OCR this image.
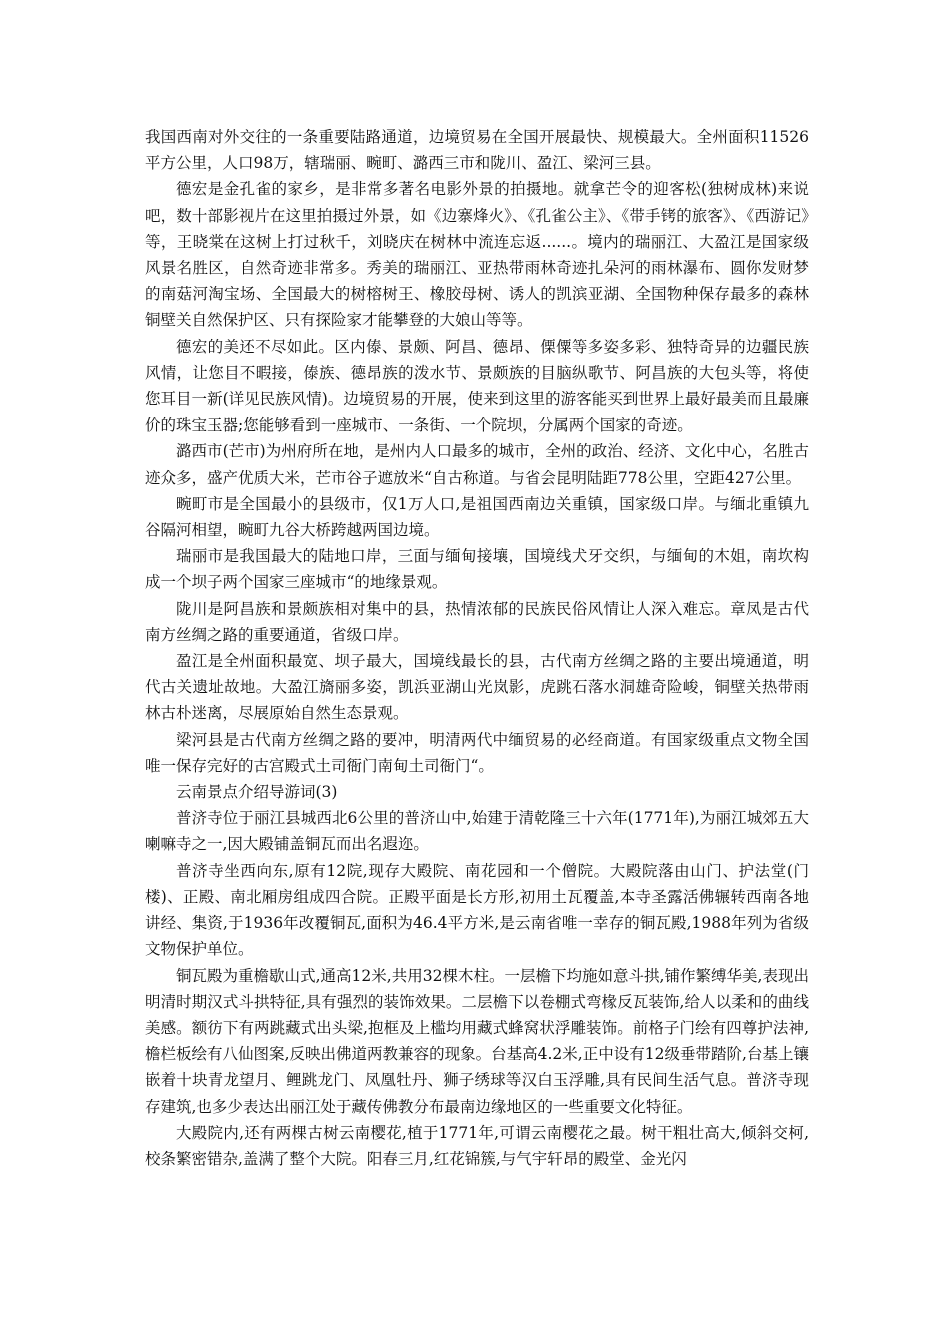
我国西南对外交往的一条重要陆路通道，边境贸易在全国开展最快、规模最大。全州面积11526平方公里，人口98万，辖瑞丽、畹町、潞西三市和陇川、盈江、梁河三县。

德宏是金孔雀的家乡，是非常多著名电影外景的拍摄地。就拿芒令的迎客松(独树成林)来说吧，数十部影视片在这里拍摄过外景，如《边寨烽火》、《孔雀公主》、《带手铐的旅客》、《西游记》等，王晓棠在这树上打过秋千，刘晓庆在树林中流连忘返......。境内的瑞丽江、大盈江是国家级风景名胜区，自然奇迹非常多。秀美的瑞丽江、亚热带雨林奇迹扎朵河的雨林瀑布、圆你发财梦的南菇河淘宝场、全国最大的树榕树王、橡胶母树、诱人的凯滨亚湖、全国物种保存最多的森林铜壁关自然保护区、只有探险家才能攀登的大娘山等等。

德宏的美还不尽如此。区内傣、景颇、阿昌、德昂、傈僳等多姿多彩、独特奇异的边疆民族风情，让您目不暇接，傣族、德昂族的泼水节、景颇族的目脑纵歌节、阿昌族的大包头等，将使您耳目一新(详见民族风情)。边境贸易的开展，使来到这里的游客能买到世界上最好最美而且最廉价的珠宝玉器;您能够看到一座城市、一条街、一个院坝，分属两个国家的奇迹。

潞西市(芒市)为州府所在地，是州内人口最多的城市，全州的政治、经济、文化中心，名胜古迹众多，盛产优质大米，芒市谷子遮放米“自古称道。与省会昆明陆距778公里，空距427公里。

畹町市是全国最小的县级市，仅1万人口,是祖国西南边关重镇，国家级口岸。与缅北重镇九谷隔河相望，畹町九谷大桥跨越两国边境。

瑞丽市是我国最大的陆地口岸，三面与缅甸接壤，国境线犬牙交织，与缅甸的木姐，南坎构成一个坝子两个国家三座城市“的地缘景观。

陇川是阿昌族和景颇族相对集中的县，热情浓郁的民族民俗风情让人深入难忘。章凤是古代南方丝绸之路的重要通道，省级口岸。

盈江是全州面积最宽、坝子最大，国境线最长的县，古代南方丝绸之路的主要出境通道，明代古关遗址故地。大盈江旖丽多姿，凯浜亚湖山光岚影，虎跳石落水洞雄奇险峻，铜壁关热带雨林古朴迷离，尽展原始自然生态景观。

梁河县是古代南方丝绸之路的要冲，明清两代中缅贸易的必经商道。有国家级重点文物全国唯一保存完好的古宫殿式土司衙门南甸土司衙门“。

云南景点介绍导游词(3)

普济寺位于丽江县城西北6公里的普济山中,始建于清乾隆三十六年(1771年),为丽江城郊五大喇嘛寺之一,因大殿铺盖铜瓦而出名遐迩。

普济寺坐西向东,原有12院,现存大殿院、南花园和一个僧院。大殿院落由山门、护法堂(门楼)、正殿、南北厢房组成四合院。正殿平面是长方形,初用土瓦覆盖,本寺圣露活佛辗转西南各地讲经、集资,于1936年改覆铜瓦,面积为46.4平方米,是云南省唯一幸存的铜瓦殿,1988年列为省级文物保护单位。

铜瓦殿为重檐歇山式,通高12米,共用32棵木柱。一层檐下均施如意斗拱,铺作繁缚华美,表现出明清时期汉式斗拱特征,具有强烈的装饰效果。二层檐下以卷棚式弯椽反瓦装饰,给人以柔和的曲线美感。额彷下有两跳藏式出头梁,抱框及上槛均用藏式蜂窝状浮雕装饰。前格子门绘有四尊护法神,檐栏板绘有八仙图案,反映出佛道两教兼容的现象。台基高4.2米,正中设有12级垂带踏阶,台基上镶嵌着十块青龙望月、鲤跳龙门、凤凰牡丹、狮子绣球等汉白玉浮雕,具有民间生活气息。普济寺现存建筑,也多少表达出丽江处于藏传佛教分布最南边缘地区的一些重要文化特征。

大殿院内,还有两棵古树云南樱花,植于1771年,可谓云南樱花之最。树干粗壮高大,倾斜交柯,校条繁密错杂,盖满了整个大院。阳春三月,红花锦簇,与气宇轩昂的殿堂、金光闪
